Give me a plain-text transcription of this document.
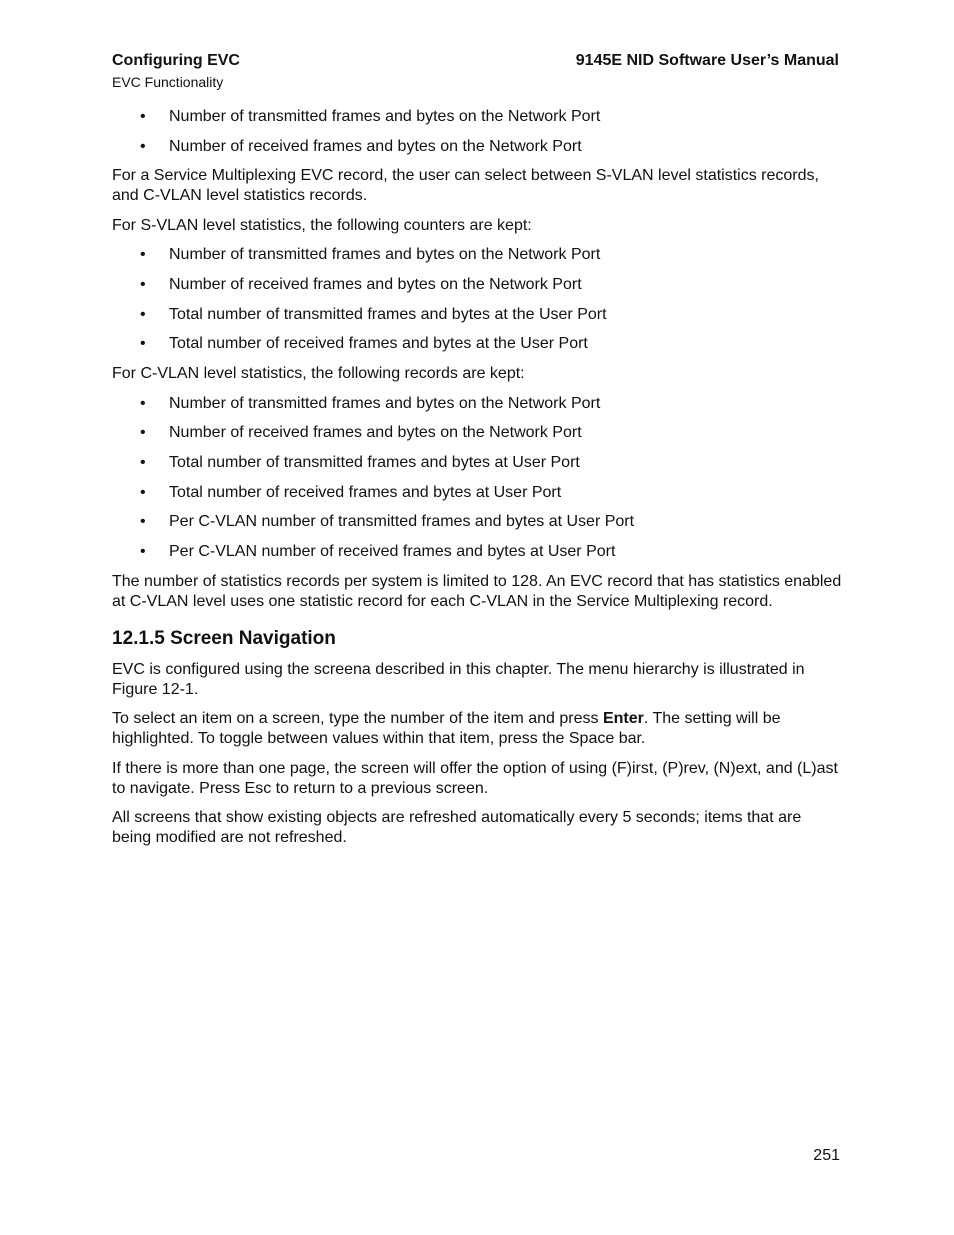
Configuring EVC
EVC Functionality
9145E NID Software User’s Manual
• Number of transmitted frames and bytes on the Network Port
• Number of received frames and bytes on the Network Port

For a Service Multiplexing EVC record, the user can select between S-VLAN level statistics records, and C-VLAN level statistics records.

For S-VLAN level statistics, the following counters are kept:

• Number of transmitted frames and bytes on the Network Port
• Number of received frames and bytes on the Network Port
• Total number of transmitted frames and bytes at the User Port
• Total number of received frames and bytes at the User Port

For C-VLAN level statistics, the following records are kept:

• Number of transmitted frames and bytes on the Network Port
• Number of received frames and bytes on the Network Port
• Total number of transmitted frames and bytes at User Port
• Total number of received frames and bytes at User Port
• Per C-VLAN number of transmitted frames and bytes at User Port
• Per C-VLAN number of received frames and bytes at User Port

The number of statistics records per system is limited to 128. An EVC record that has statistics enabled at C-VLAN level uses one statistic record for each C-VLAN in the Service Multiplexing record.

12.1.5 Screen Navigation

EVC is configured using the screena described in this chapter. The menu hierarchy is illustrated in Figure 12-1.

To select an item on a screen, type the number of the item and press Enter. The setting will be highlighted. To toggle between values within that item, press the Space bar.

If there is more than one page, the screen will offer the option of using (F)irst, (P)rev, (N)ext, and (L)ast to navigate. Press Esc to return to a previous screen.

All screens that show existing objects are refreshed automatically every 5 seconds; items that are being modified are not refreshed.

251
